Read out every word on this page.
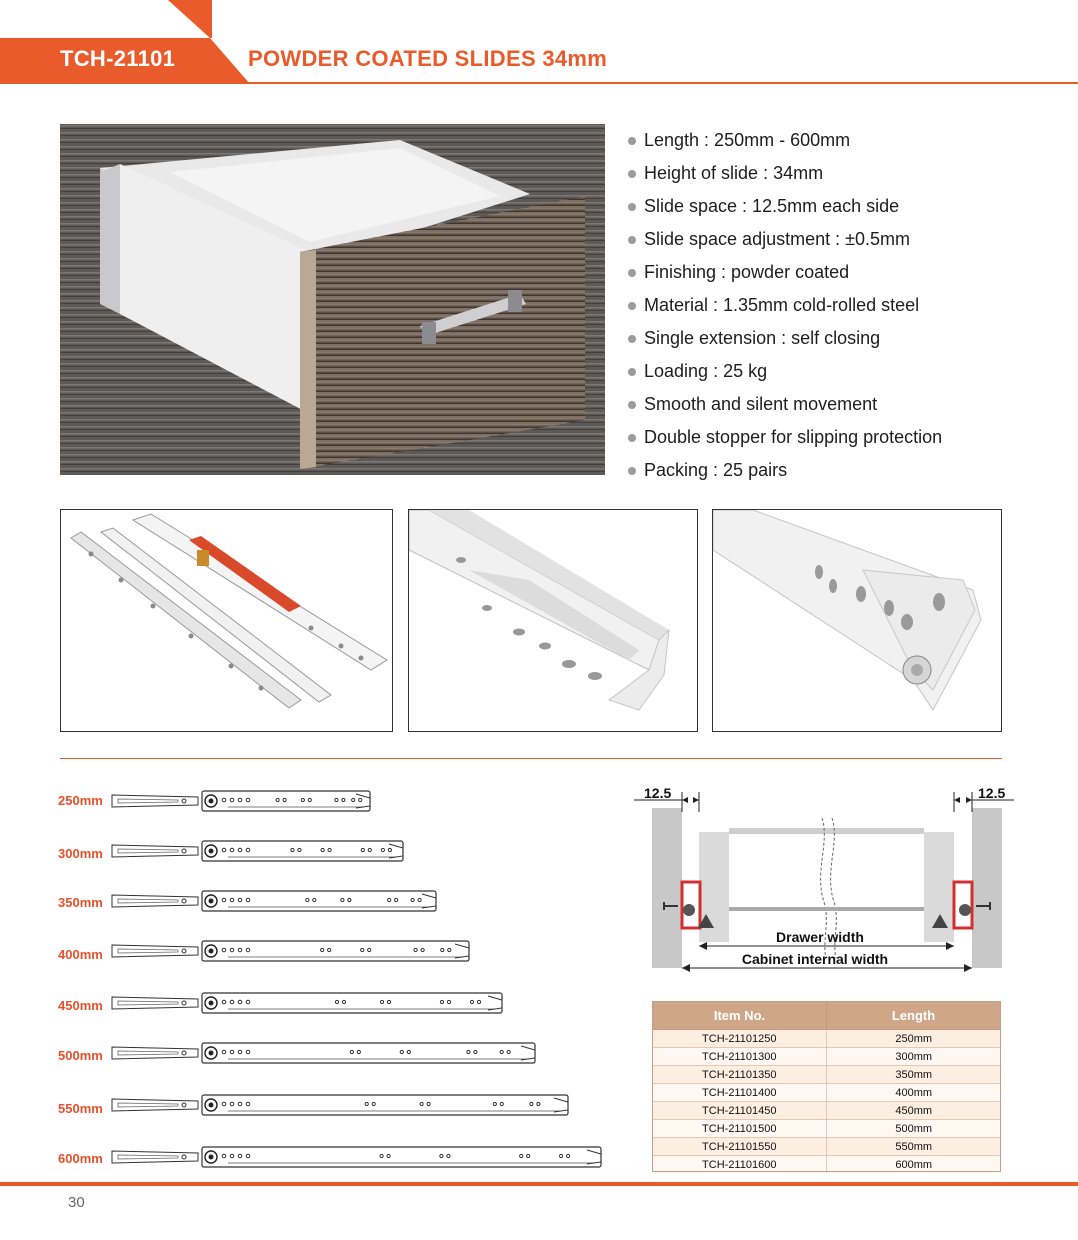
TCH-21101	POWDER COATED SLIDES 34mm
Length : 250mm - 600mm
Height of slide : 34mm
Slide space : 12.5mm each side
Slide space adjustment : ±0.5mm
Finishing : powder coated
Material : 1.35mm cold-rolled steel
Single extension : self closing
Loading : 25 kg
Smooth and silent movement
Double stopper for slipping protection
Packing : 25 pairs
250mm
300mm
350mm
400mm
450mm
500mm
550mm
600mm
12.5	12.5
Drawer width
Cabinet internal width
Item No.	Length
TCH-21101250	250mm
TCH-21101300	300mm
TCH-21101350	350mm
TCH-21101400	400mm
TCH-21101450	450mm
TCH-21101500	500mm
TCH-21101550	550mm
TCH-21101600	600mm
30
